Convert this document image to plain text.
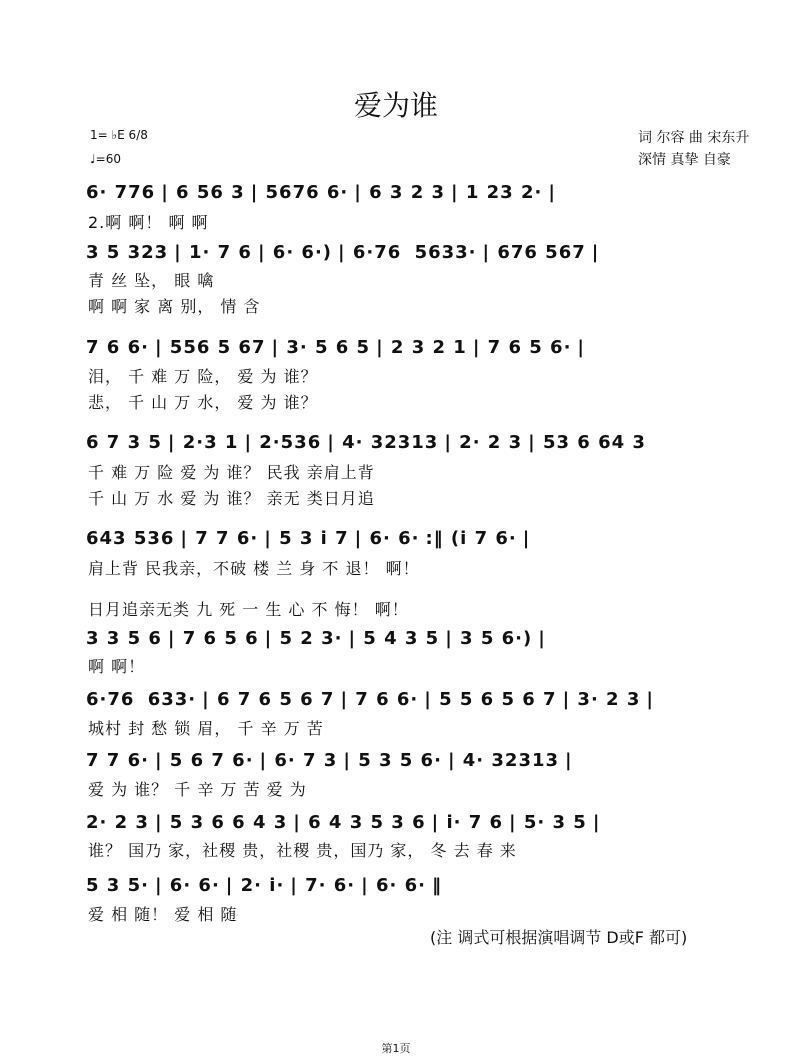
爱为谁
1= ♭E 6/8
♩=60
词 尔容 曲 宋东升
深情 真挚 自豪
6· 776 | 6 56 3 | 5676 6· | 6 3 2 3 | 1 23 2· |
2.啊 啊！ 啊 啊
3 5 323 | 1· 7 6 | 6· 6·) | 6·76 5633· | 676 567 |
青 丝 坠， 眼 噙
啊 啊 家 离 别， 情 含
7 6 6· | 556 5 67 | 3· 5 6 5 | 2 3 2 1 | 7 6 5 6· |
泪， 千 难 万 险， 爱 为 谁？
悲， 千 山 万 水， 爱 为 谁？
6 7 3 5 | 2·3 1 | 2·536 | 4· 32313 | 2· 2 3 | 53 6 64 3
千 难 万 险 爱 为 谁？ 民我 亲肩上背
千 山 万 水 爱 为 谁？ 亲无 类日月追
643 536 | 7 7 6· | 5 3 i 7 | 6· 6· :‖ (i 7 6· |
肩上背 民我亲，不破 楼 兰 身 不 退！ 啊！
日月追亲无类 九 死 一 生 心 不 悔！ 啊！
3 3 5 6 | 7 6 5 6 | 5 2 3· | 5 4 3 5 | 3 5 6·) |
啊 啊！
6·76 633· | 6 7 6 5 6 7 | 7 6 6· | 5 5 6 5 6 7 | 3· 2 3 |
城村 封 愁 锁 眉， 千 辛 万 苦
7 7 6· | 5 6 7 6· | 6· 7 3 | 5 3 5 6· | 4· 32313 |
爱 为 谁？ 千 辛 万 苦 爱 为
2· 2 3 | 5 3 6 6 4 3 | 6 4 3 5 3 6 | i· 7 6 | 5· 3 5 |
谁？ 国乃 家，社稷 贵，社稷 贵，国乃 家， 冬 去 春 来
5 3 5· | 6· 6· | 2· i· | 7· 6· | 6· 6· ‖
爱 相 随！ 爱 相 随
(注 调式可根据演唱调节 D或F 都可)
第1页
